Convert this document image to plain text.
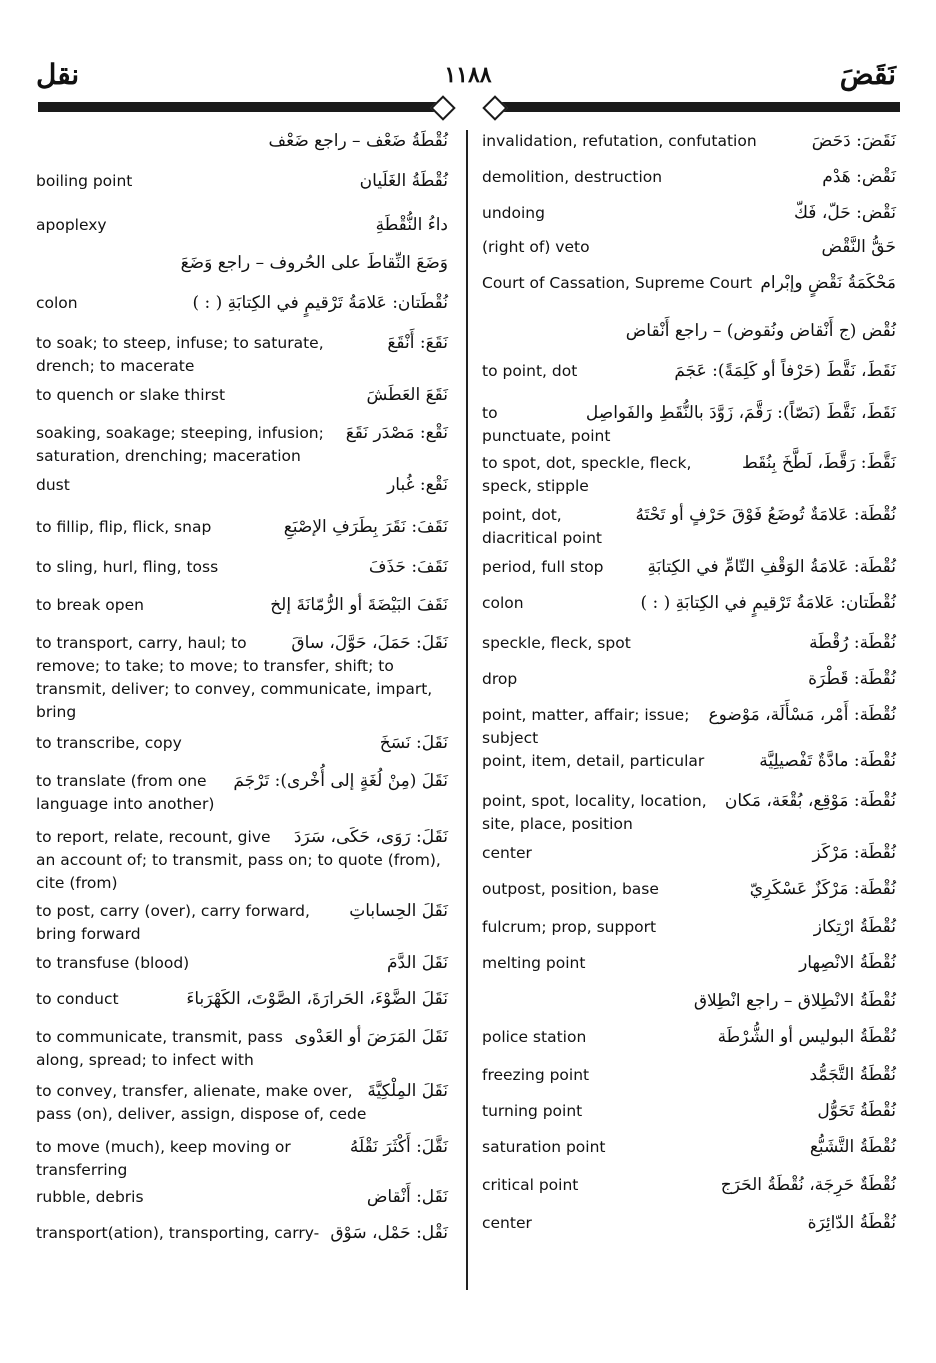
نقل	١١٨٨	نَقَضَ
نُقْطَةُ ضَعْف – راجع ضَعْف
نُقْطَةُ الغَلَيان
boiling point
داءُ النُّقْطَةِ
apoplexy
وَضَعَ النِّقاطَ على الحُروف – راجع وَضَعَ
نُقْطَتان: عَلامَةُ تَرْقيمٍ في الكِتابَةِ ( : )
colon
نَقَعَ: أَنْقَعَ
to soak; to steep, infuse; to saturate, drench; to macerate
نَقَعَ العَطَشَ
to quench or slake thirst
نَقْع: مَصْدَر نَقَعَ
soaking, soakage; steeping, infusion; saturation, drenching; maceration
نَقْع: غُبار
dust
نَقَفَ: نَقَرَ بِطَرَفِ الإصْبَعِ
to fillip, flip, flick, snap
نَقَفَ: حَذَفَ
to sling, hurl, fling, toss
نَقَفَ البَيْضَةَ أو الرُّمّانَةَ إلخ
to break open
نَقَلَ: حَمَلَ، حَوَّلَ، ساقَ
to transport, carry, haul; to remove; to take; to move; to transfer, shift; to transmit, deliver; to convey, communicate, impart, bring
نَقَلَ: نَسَخَ
to transcribe, copy
نَقَلَ (مِنْ لُغَةٍ إلى أُخْرى): تَرْجَمَ
to translate (from one language into another)
نَقَلَ: رَوَى، حَكَى، سَرَدَ
to report, relate, recount, give an account of; to transmit, pass on; to quote (from), cite (from)
نَقَلَ الحِساباتِ
to post, carry (over), carry forward, bring forward
نَقَلَ الدَّمَ
to transfuse (blood)
نَقَلَ الضَّوْءَ، الحَرارَةَ، الصَّوْتَ، الكَهْرَباءَ
to conduct
نَقَلَ المَرَضَ أو العَدْوى
to communicate, transmit, pass along, spread; to infect with
نَقَلَ المِلْكِيَّةَ
to convey, transfer, alienate, make over, pass (on), deliver, assign, dispose of, cede
نَقَّلَ: أَكْثَرَ نَقْلَهُ
to move (much), keep moving or transferring
نَقَل: أَنْقاض
rubble, debris
نَقْل: حَمْل، سَوْق
transport(ation), transporting, carry-
نَقَضَ: دَحَضَ
invalidation, refutation, confutation
نَقْض: هَدْم
demolition, destruction
نَقْض: حَلّ، فَكّ
undoing
حَقُّ النَّقْض
(right of) veto
مَحْكَمَةُ نَقْضٍ وإبْرام
Court of Cassation, Supreme Court
نُقْض (ج أَنْقاض ونُقوض) – راجع أَنْقاض
نَقَطَ، نَقَّطَ (حَرْفاً أو كَلِمَةً): عَجَمَ
to point, dot
نَقَطَ، نَقَّطَ (نَصّاً): رَقَّمَ، زَوَّدَ بالنُّقَطِ والفَواصِل
to punctuate, point
نَقَّطَ: رَقَّطَ، لَطَّخَ بِنُقَط
to spot, dot, speckle, fleck, speck, stipple
نُقْطَة: عَلامَةٌ تُوضَعُ فَوْقَ حَرْفٍ أو تَحْتَهُ
point, dot, diacritical point
نُقْطَة: عَلامَةُ الوَقْفِ التّامِّ في الكِتابَةِ
period, full stop
نُقْطَتان: عَلامَةُ تَرْقيمٍ في الكِتابَةِ ( : )
colon
نُقْطَة: رُقْطَة
speckle, fleck, spot
نُقْطَة: قَطْرَة
drop
نُقْطَة: أَمْر، مَسْأَلَة، مَوْضوع
point, matter, affair; issue; subject
نُقْطَة: مادَّةٌ تَفْصيلِيَّة
point, item, detail, particular
نُقْطَة: مَوْقِع، بُقْعَة، مَكان
point, spot, locality, location, site, place, position
نُقْطَة: مَرْكَز
center
نُقْطَة: مَرْكَزٌ عَسْكَرِيّ
outpost, position, base
نُقْطَةُ ارْتِكاز
fulcrum; prop, support
نُقْطَةُ الانْصِهار
melting point
نُقْطَةُ الانْطِلاق – راجع انْطِلاق
نُقْطَةُ البوليس أو الشُّرْطَة
police station
نُقْطَةُ التَّجَمُّد
freezing point
نُقْطَةُ تَحَوُّل
turning point
نُقْطَةُ التَّشَبُّع
saturation point
نُقْطَةٌ حَرِجَة، نُقْطَةُ الحَرَج
critical point
نُقْطَةُ الدّائِرَة
center
